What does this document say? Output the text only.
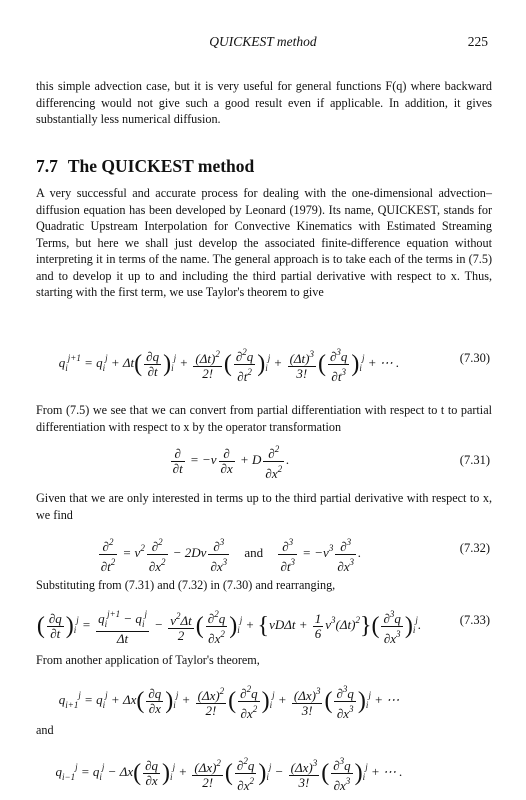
QUICKEST method	225

this simple advection case, but it is very useful for general functions F(q) where backward differencing would not give such a good result even if applicable. In addition, it gives substantially less numerical diffusion.

7.7 The QUICKEST method

A very successful and accurate process for dealing with the one-dimensional advection–diffusion equation has been developed by Leonard (1979). Its name, QUICKEST, stands for Quadratic Upstream Interpolation for Convective Kinematics with Estimated Streaming Terms, but here we shall just develop the associated finite-difference equation without interpreting it in terms of the name. The general approach is to take each of the terms in (7.5) and to develop it up to and including the third partial derivative with respect to x. Thus, starting with the first term, we use Taylor's theorem to give

$q_i^{j+1} = q_i^j + \Delta t( \frac{\partial q}{\partial t} )_i^j + \frac{(\Delta t)^2}{2!}$ ( $\frac{\partial^2q}{\partial t^2} )_i^j + \frac{(\Delta t)^3}{3!}$ ( $\frac{\partial^3q}{\partial t^3} )_i^j$ + ⋯ .	(7.30)

From (7.5) we see that we can convert from partial differentiation with respect to t to partial differentiation with respect to x by the operator transformation

$\frac{\partial}{\partial t} = -v \frac{\partial}{\partial x} + D \frac{\partial^2}{\partial x^2}$ .	(7.31)

Given that we are only interested in terms up to the third partial derivative with respect to x, we find

$\frac{\partial^2}{\partial t^2} = v^2 \frac{\partial^2}{\partial x^2} - 2Dv \frac{\partial^3}{\partial x^3}$ and $\frac{\partial^3}{\partial t^3} = -v^3 \frac{\partial^3}{\partial x^3}$ .	(7.32)

Substituting from (7.31) and (7.32) in (7.30) and rearranging,

( $\frac{\partial q}{\partial t} )_i^j = \frac{q_i^{j+1} - q_i^j}{\Delta t} - \frac{v^2\Delta t}{2}$ ( $\frac{\partial^2q}{\partial x^2} )_i^j + \{vD\Delta t + \frac{1}{6} v^3(\Delta t)^2\}( \frac{\partial^3q}{\partial x^3} )_i^j$.	(7.33)

From another application of Taylor's theorem,

$q_{i+1}^j = q_i^j + \Delta x( \frac{\partial q}{\partial x} )_i^j + \frac{(\Delta x)^2}{2!}$ ( $\frac{\partial^2q}{\partial x^2} )_i^j + \frac{(\Delta x)^3}{3!}$ ( $\frac{\partial^3q}{\partial x^3} )_i^j$ + ⋯
and
$q_{i-1}^j = q_i^j - \Delta x( \frac{\partial q}{\partial x} )_i^j + \frac{(\Delta x)^2}{2!}$ ( $\frac{\partial^2q}{\partial x^2} )_i^j - \frac{(\Delta x)^3}{3!}$ ( $\frac{\partial^3q}{\partial x^3} )_i^j$ + ⋯ .
